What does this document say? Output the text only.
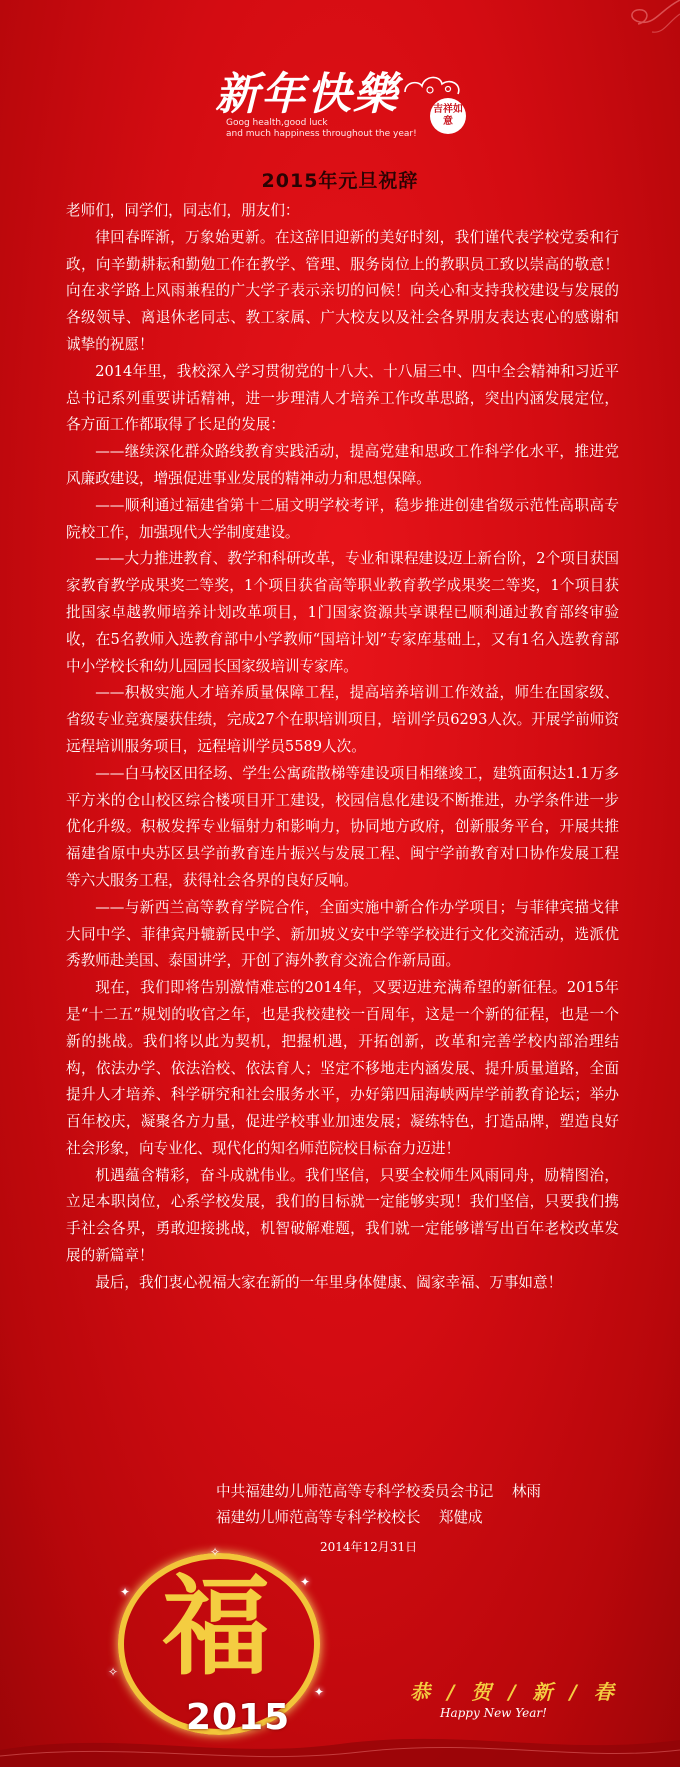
新年快樂
Goog health,good luck
and much happiness throughout the year!
吉祥如意
2015年元旦祝辞

老师们，同学们，同志们，朋友们：

律回春晖渐，万象始更新。在这辞旧迎新的美好时刻，我们谨代表学校党委和行政，向辛勤耕耘和勤勉工作在教学、管理、服务岗位上的教职员工致以崇高的敬意！向在求学路上风雨兼程的广大学子表示亲切的问候！向关心和支持我校建设与发展的各级领导、离退休老同志、教工家属、广大校友以及社会各界朋友表达衷心的感谢和诚挚的祝愿！

2014年里，我校深入学习贯彻党的十八大、十八届三中、四中全会精神和习近平总书记系列重要讲话精神，进一步理清人才培养工作改革思路，突出内涵发展定位，各方面工作都取得了长足的发展：

——继续深化群众路线教育实践活动，提高党建和思政工作科学化水平，推进党风廉政建设，增强促进事业发展的精神动力和思想保障。

——顺利通过福建省第十二届文明学校考评，稳步推进创建省级示范性高职高专院校工作，加强现代大学制度建设。

——大力推进教育、教学和科研改革，专业和课程建设迈上新台阶，2个项目获国家教育教学成果奖二等奖，1个项目获省高等职业教育教学成果奖二等奖，1个项目获批国家卓越教师培养计划改革项目，1门国家资源共享课程已顺利通过教育部终审验收，在5名教师入选教育部中小学教师“国培计划”专家库基础上，又有1名入选教育部中小学校长和幼儿园园长国家级培训专家库。

——积极实施人才培养质量保障工程，提高培养培训工作效益，师生在国家级、省级专业竞赛屡获佳绩，完成27个在职培训项目，培训学员6293人次。开展学前师资远程培训服务项目，远程培训学员5589人次。

——白马校区田径场、学生公寓疏散梯等建设项目相继竣工，建筑面积达1.1万多平方米的仓山校区综合楼项目开工建设，校园信息化建设不断推进，办学条件进一步优化升级。积极发挥专业辐射力和影响力，协同地方政府，创新服务平台，开展共推福建省原中央苏区县学前教育连片振兴与发展工程、闽宁学前教育对口协作发展工程等六大服务工程，获得社会各界的良好反响。

——与新西兰高等教育学院合作，全面实施中新合作办学项目；与菲律宾描戈律大同中学、菲律宾丹辘新民中学、新加坡义安中学等学校进行文化交流活动，选派优秀教师赴美国、泰国讲学，开创了海外教育交流合作新局面。

现在，我们即将告别激情难忘的2014年，又要迈进充满希望的新征程。2015年是“十二五”规划的收官之年，也是我校建校一百周年，这是一个新的征程，也是一个新的挑战。我们将以此为契机，把握机遇，开拓创新，改革和完善学校内部治理结构，依法办学、依法治校、依法育人；坚定不移地走内涵发展、提升质量道路，全面提升人才培养、科学研究和社会服务水平，办好第四届海峡两岸学前教育论坛；举办百年校庆，凝聚各方力量，促进学校事业加速发展；凝练特色，打造品牌，塑造良好社会形象，向专业化、现代化的知名师范院校目标奋力迈进！

机遇蕴含精彩，奋斗成就伟业。我们坚信，只要全校师生风雨同舟，励精图治，立足本职岗位，心系学校发展，我们的目标就一定能够实现！我们坚信，只要我们携手社会各界，勇敢迎接挑战，机智破解难题，我们就一定能够谱写出百年老校改革发展的新篇章！

最后，我们衷心祝福大家在新的一年里身体健康、阖家幸福、万事如意！

中共福建幼儿师范高等专科学校委员会书记    林雨
福建幼儿师范高等专科学校校长    郑健成
2014年12月31日
福
2015
✦
✦
✧
✦
✧
恭 / 贺 / 新 / 春
Happy New Year!
